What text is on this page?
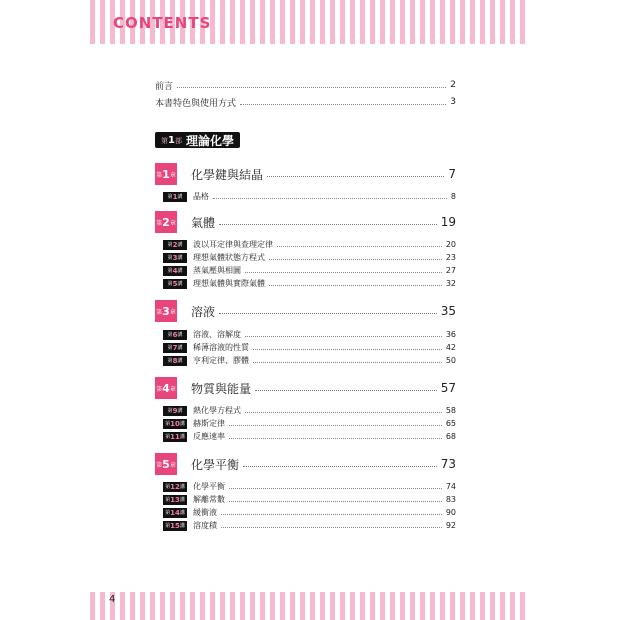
CONTENTS
前言	2
本書特色與使用方式	3
第1部 理論化學
第 1 章 化學鍵與結晶	7
第 1 講 晶格	8
第 2 章 氣體	19
第 2 講 波以耳定律與查理定律	20
第 3 講 理想氣體狀態方程式	23
第 4 講 蒸氣壓與相圖	27
第 5 講 理想氣體與實際氣體	32
第 3 章 溶液	35
第 6 講 溶液、溶解度	36
第 7 講 稀薄溶液的性質	42
第 8 講 亨利定律、膠體	50
第 4 章 物質與能量	57
第 9 講 熱化學方程式	58
第 10 講 赫斯定律	65
第 11 講 反應速率	68
第 5 章 化學平衡	73
第 12 講 化學平衡	74
第 13 講 解離常數	83
第 14 講 緩衝液	90
第 15 講 溶度積	92
4
